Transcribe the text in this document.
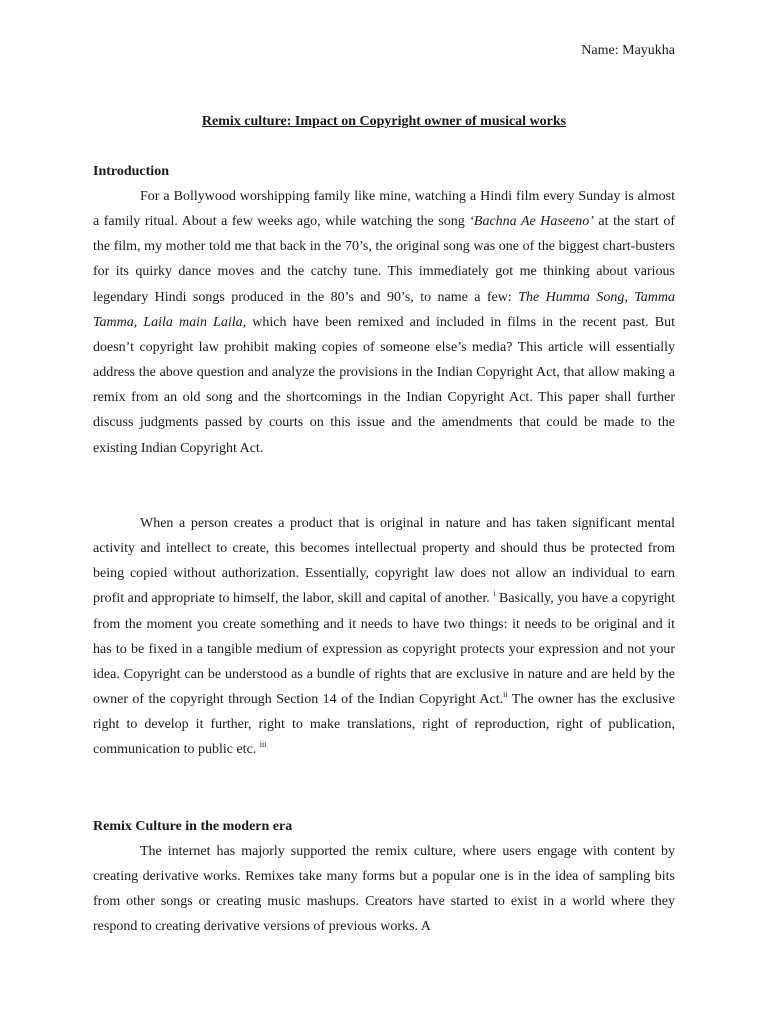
Name: Mayukha
Remix culture: Impact on Copyright owner of musical works
Introduction

For a Bollywood worshipping family like mine, watching a Hindi film every Sunday is almost a family ritual. About a few weeks ago, while watching the song ‘Bachna Ae Haseeno’ at the start of the film, my mother told me that back in the 70’s, the original song was one of the biggest chart-busters for its quirky dance moves and the catchy tune. This immediately got me thinking about various legendary Hindi songs produced in the 80’s and 90’s, to name a few: The Humma Song, Tamma Tamma, Laila main Laila, which have been remixed and included in films in the recent past. But doesn’t copyright law prohibit making copies of someone else’s media? This article will essentially address the above question and analyze the provisions in the Indian Copyright Act, that allow making a remix from an old song and the shortcomings in the Indian Copyright Act. This paper shall further discuss judgments passed by courts on this issue and the amendments that could be made to the existing Indian Copyright Act.

When a person creates a product that is original in nature and has taken significant mental activity and intellect to create, this becomes intellectual property and should thus be protected from being copied without authorization. Essentially, copyright law does not allow an individual to earn profit and appropriate to himself, the labor, skill and capital of another. $^i$ Basically, you have a copyright from the moment you create something and it needs to have two things: it needs to be original and it has to be fixed in a tangible medium of expression as copyright protects your expression and not your idea. Copyright can be understood as a bundle of rights that are exclusive in nature and are held by the owner of the copyright through Section 14 of the Indian Copyright Act.$^{ii}$ The owner has the exclusive right to develop it further, right to make translations, right of reproduction, right of publication, communication to public etc. $^{iii}$

Remix Culture in the modern era

The internet has majorly supported the remix culture, where users engage with content by creating derivative works. Remixes take many forms but a popular one is in the idea of sampling bits from other songs or creating music mashups. Creators have started to exist in a world where they respond to creating derivative versions of previous works. A
